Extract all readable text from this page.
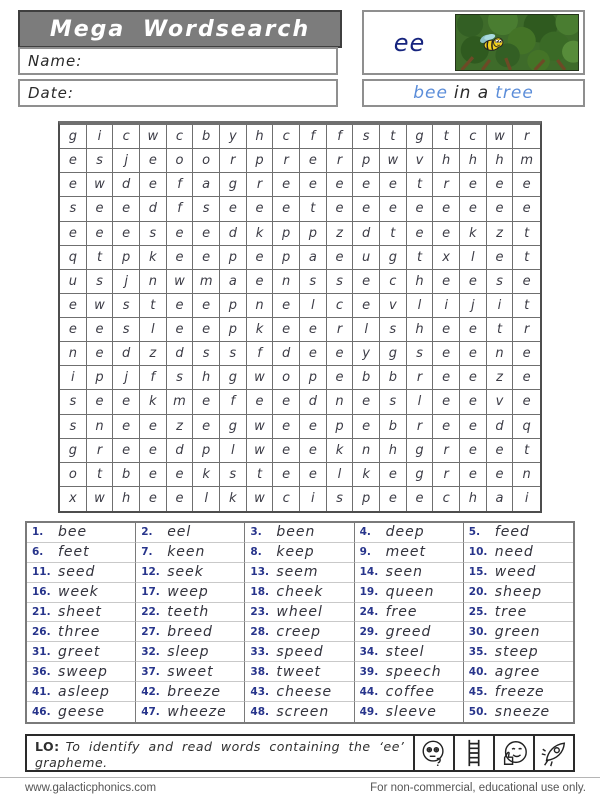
Mega Wordsearch
Name:
Date:
ee
bee in a tree
g	i	c	w	c	b	y	h	c	f	f	s	t	g	t	c	w	r
e	s	j	e	o	o	r	p	r	e	r	p	w	v	h	h	h	m
e	w	d	e	f	a	g	r	e	e	e	e	e	t	r	e	e	e
s	e	e	d	f	s	e	e	e	t	e	e	e	e	e	e	e	e
e	e	e	s	e	e	d	k	p	p	z	d	t	e	e	k	z	t
q	t	p	k	e	e	p	e	p	a	e	u	g	t	x	l	e	t
u	s	j	n	w	m	a	e	n	s	s	e	c	h	e	e	s	e
e	w	s	t	e	e	p	n	e	l	c	e	v	l	i	j	i	t
e	e	s	l	e	e	p	k	e	e	r	l	s	h	e	e	t	r
n	e	d	z	d	s	s	f	d	e	e	y	g	s	e	e	n	e
i	p	j	f	s	h	g	w	o	p	e	b	b	r	e	e	z	e
s	e	e	k	m	e	f	e	e	d	n	e	s	l	e	e	v	e
s	n	e	e	z	e	g	w	e	e	p	e	b	r	e	e	d	q
g	r	e	e	d	p	l	w	e	e	k	n	h	g	r	e	e	t
o	t	b	e	e	k	s	t	e	e	l	k	e	g	r	e	e	n
x	w	h	e	e	l	k	w	c	i	s	p	e	e	c	h	a	i
1.	bee	2.	eel	3.	been	4.	deep	5.	feed
6.	feet	7.	keen	8.	keep	9.	meet	10. need
11. seed	12. seek	13. seem	14. seen	15. weed
16. week	17. weep	18. cheek	19. queen	20. sheep
21. sheet	22. teeth	23. wheel	24. free	25. tree
26. three	27. breed	28. creep	29. greed	30. green
31. greet	32. sleep	33. speed	34. steel	35. steep
36. sweep	37. sweet	38. tweet	39. speech	40. agree
41. asleep	42. breeze	43. cheese	44. coffee	45. freeze
46. geese	47. wheeze 48. screen	49. sleeve	50. sneeze
LO: To identify and read words containing the ‘ee’ grapheme.
www.galacticphonics.com	For non-commercial, educational use only.
